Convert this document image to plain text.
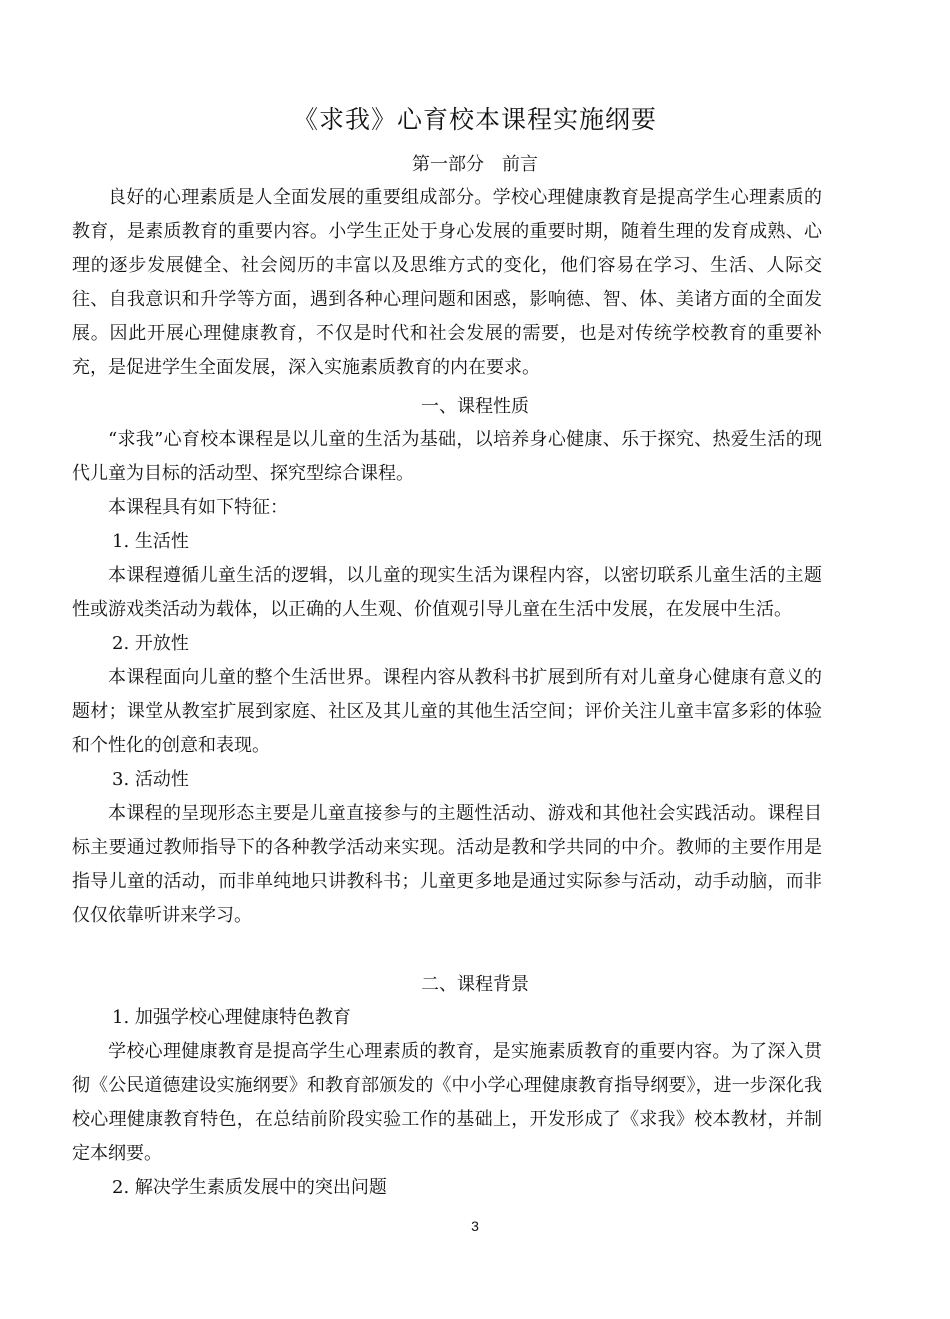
《求我》心育校本课程实施纲要
第一部分　前言

良好的心理素质是人全面发展的重要组成部分。学校心理健康教育是提高学生心理素质的教育，是素质教育的重要内容。小学生正处于身心发展的重要时期，随着生理的发育成熟、心理的逐步发展健全、社会阅历的丰富以及思维方式的变化，他们容易在学习、生活、人际交往、自我意识和升学等方面，遇到各种心理问题和困惑，影响德、智、体、美诸方面的全面发展。因此开展心理健康教育，不仅是时代和社会发展的需要，也是对传统学校教育的重要补充，是促进学生全面发展，深入实施素质教育的内在要求。

一、课程性质

“求我”心育校本课程是以儿童的生活为基础，以培养身心健康、乐于探究、热爱生活的现代儿童为目标的活动型、探究型综合课程。

本课程具有如下特征：

1. 生活性

本课程遵循儿童生活的逻辑，以儿童的现实生活为课程内容，以密切联系儿童生活的主题性或游戏类活动为载体，以正确的人生观、价值观引导儿童在生活中发展，在发展中生活。

2. 开放性

本课程面向儿童的整个生活世界。课程内容从教科书扩展到所有对儿童身心健康有意义的题材；课堂从教室扩展到家庭、社区及其儿童的其他生活空间；评价关注儿童丰富多彩的体验和个性化的创意和表现。

3. 活动性

本课程的呈现形态主要是儿童直接参与的主题性活动、游戏和其他社会实践活动。课程目标主要通过教师指导下的各种教学活动来实现。活动是教和学共同的中介。教师的主要作用是指导儿童的活动，而非单纯地只讲教科书；儿童更多地是通过实际参与活动，动手动脑，而非仅仅依靠听讲来学习。

二、课程背景

1. 加强学校心理健康特色教育

学校心理健康教育是提高学生心理素质的教育，是实施素质教育的重要内容。为了深入贯彻《公民道德建设实施纲要》和教育部颁发的《中小学心理健康教育指导纲要》，进一步深化我校心理健康教育特色，在总结前阶段实验工作的基础上，开发形成了《求我》校本教材，并制定本纲要。

2. 解决学生素质发展中的突出问题

3
